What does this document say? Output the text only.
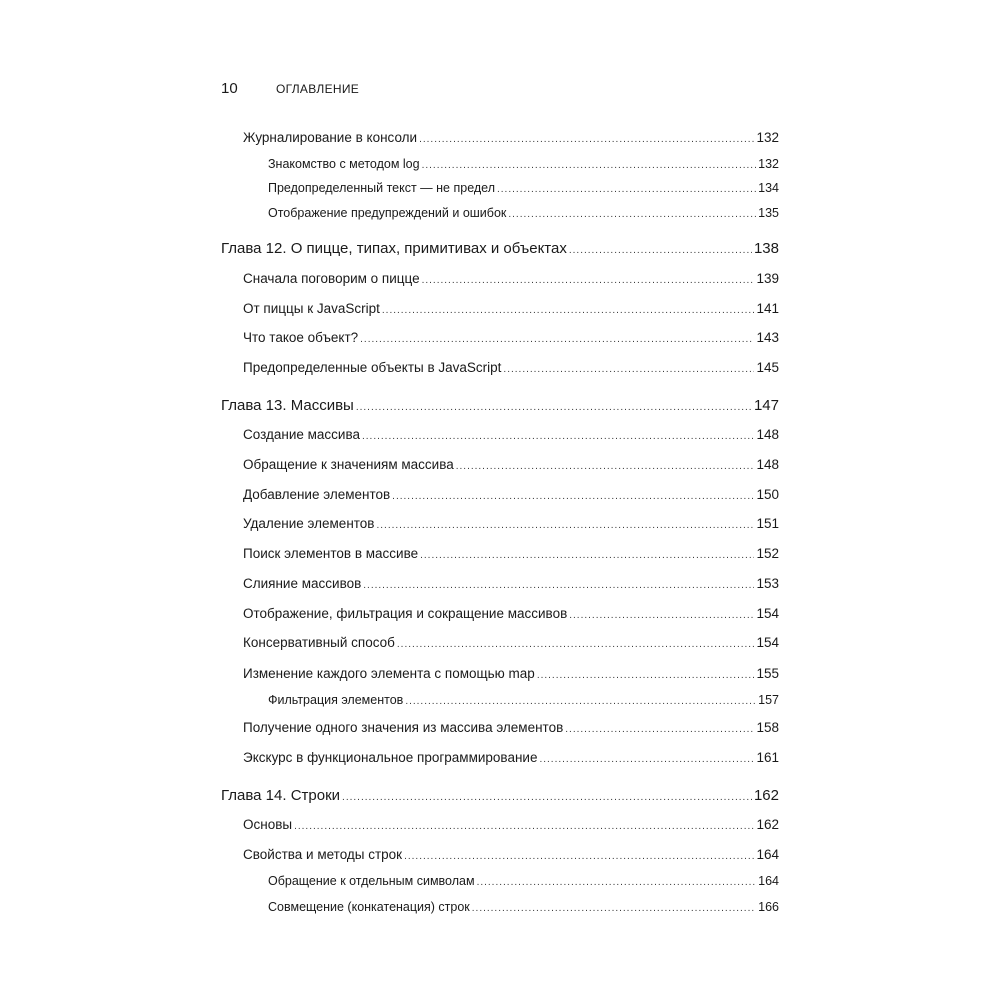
10	ОГЛАВЛЕНИЕ
Журналирование в консоли .....	132
Знакомство с методом log .....	132
Предопределенный текст — не предел .....	134
Отображение предупреждений и ошибок .....	135
Глава 12. О пицце, типах, примитивах и объектах .....	138
Сначала поговорим о пицце .....	139
От пиццы к JavaScript .....	141
Что такое объект? .....	143
Предопределенные объекты в JavaScript .....	145
Глава 13. Массивы .....	147
Создание массива .....	148
Обращение к значениям массива .....	148
Добавление элементов .....	150
Удаление элементов .....	151
Поиск элементов в массиве .....	152
Слияние массивов .....	153
Отображение, фильтрация и сокращение массивов .....	154
Консервативный способ .....	154
Изменение каждого элемента с помощью map .....	155
Фильтрация элементов .....	157
Получение одного значения из массива элементов .....	158
Экскурс в функциональное программирование .....	161
Глава 14. Строки .....	162
Основы .....	162
Свойства и методы строк .....	164
Обращение к отдельным символам .....	164
Совмещение (конкатенация) строк .....	166
